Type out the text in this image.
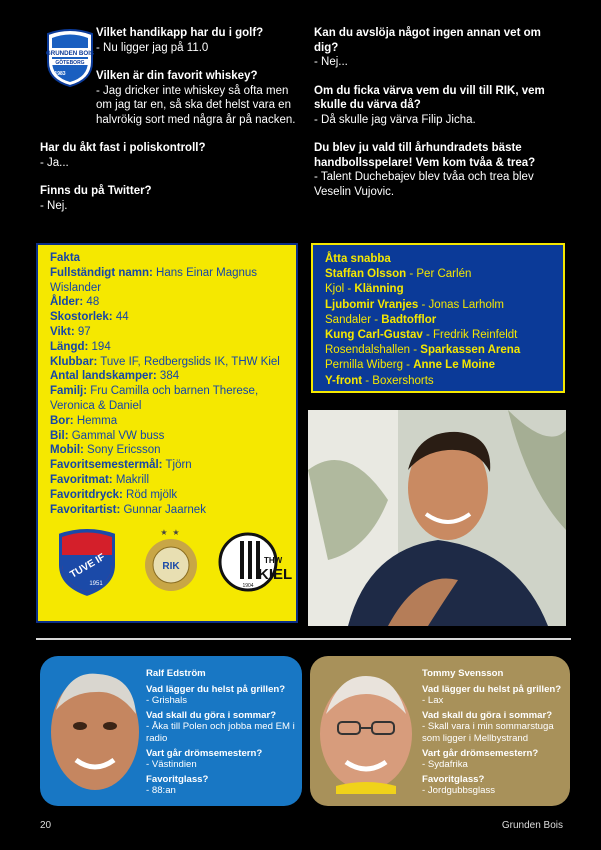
GRUNDEN BOIS
GÖTEBORG
1983
Vilket handikapp har du i golf?
- Nu ligger jag på 11.0
Vilken är din favorit whiskey?
- Jag dricker inte whiskey så ofta men om jag tar en, så ska det helst vara en halvrökig sort med några år på nacken.
Har du åkt fast i poliskontroll?
- Ja...
Finns du på Twitter?
- Nej.
Kan du avslöja något ingen annan vet om dig?
- Nej...
Om du ficka värva vem du vill till RIK, vem skulle du värva då?
- Då skulle jag värva Filip Jicha.
Du blev ju vald till århundradets bäste handbollsspelare! Vem kom tvåa & trea?
- Talent Duchebajev blev tvåa och trea blev Veselin Vujovic.
Fakta
Fullständigt namn: Hans Einar Magnus Wislander
Ålder: 48
Skostorlek: 44
Vikt: 97
Längd: 194
Klubbar: Tuve IF, Redbergslids IK, THW Kiel
Antal landskamper: 384
Familj: Fru Camilla och barnen Therese, Veronica & Daniel
Bor: Hemma
Bil: Gammal VW buss
Mobil: Sony Ericsson
Favoritsemestermål: Tjörn
Favoritmat: Makrill
Favoritdryck: Röd mjölk
Favoritartist: Gunnar Jaarnek
TUVE IF
1951
★ ★
RIK
1904
THW
KIEL
Åtta snabba
Staffan Olsson - Per Carlén
Kjol - Klänning
Ljubomir Vranjes - Jonas Larholm
Sandaler - Badtofflor
Kung Carl-Gustav - Fredrik Reinfeldt
Rosendalshallen - Sparkassen Arena
Pernilla Wiberg - Anne Le Moine
Y-front - Boxershorts
Ralf Edström
Vad lägger du helst på grillen?
- Grishals
Vad skall du göra i sommar?
- Åka till Polen och jobba med EM i radio
Vart går drömsemestern?
- Västindien
Favoritglass?
- 88:an
Tommy Svensson
Vad lägger du helst på grillen?
- Lax
Vad skall du göra i sommar?
- Skall vara i min sommarstuga som ligger i Mellbystrand
Vart går drömsemestern?
- Sydafrika
Favoritglass?
- Jordgubbsglass
20	Grunden Bois
